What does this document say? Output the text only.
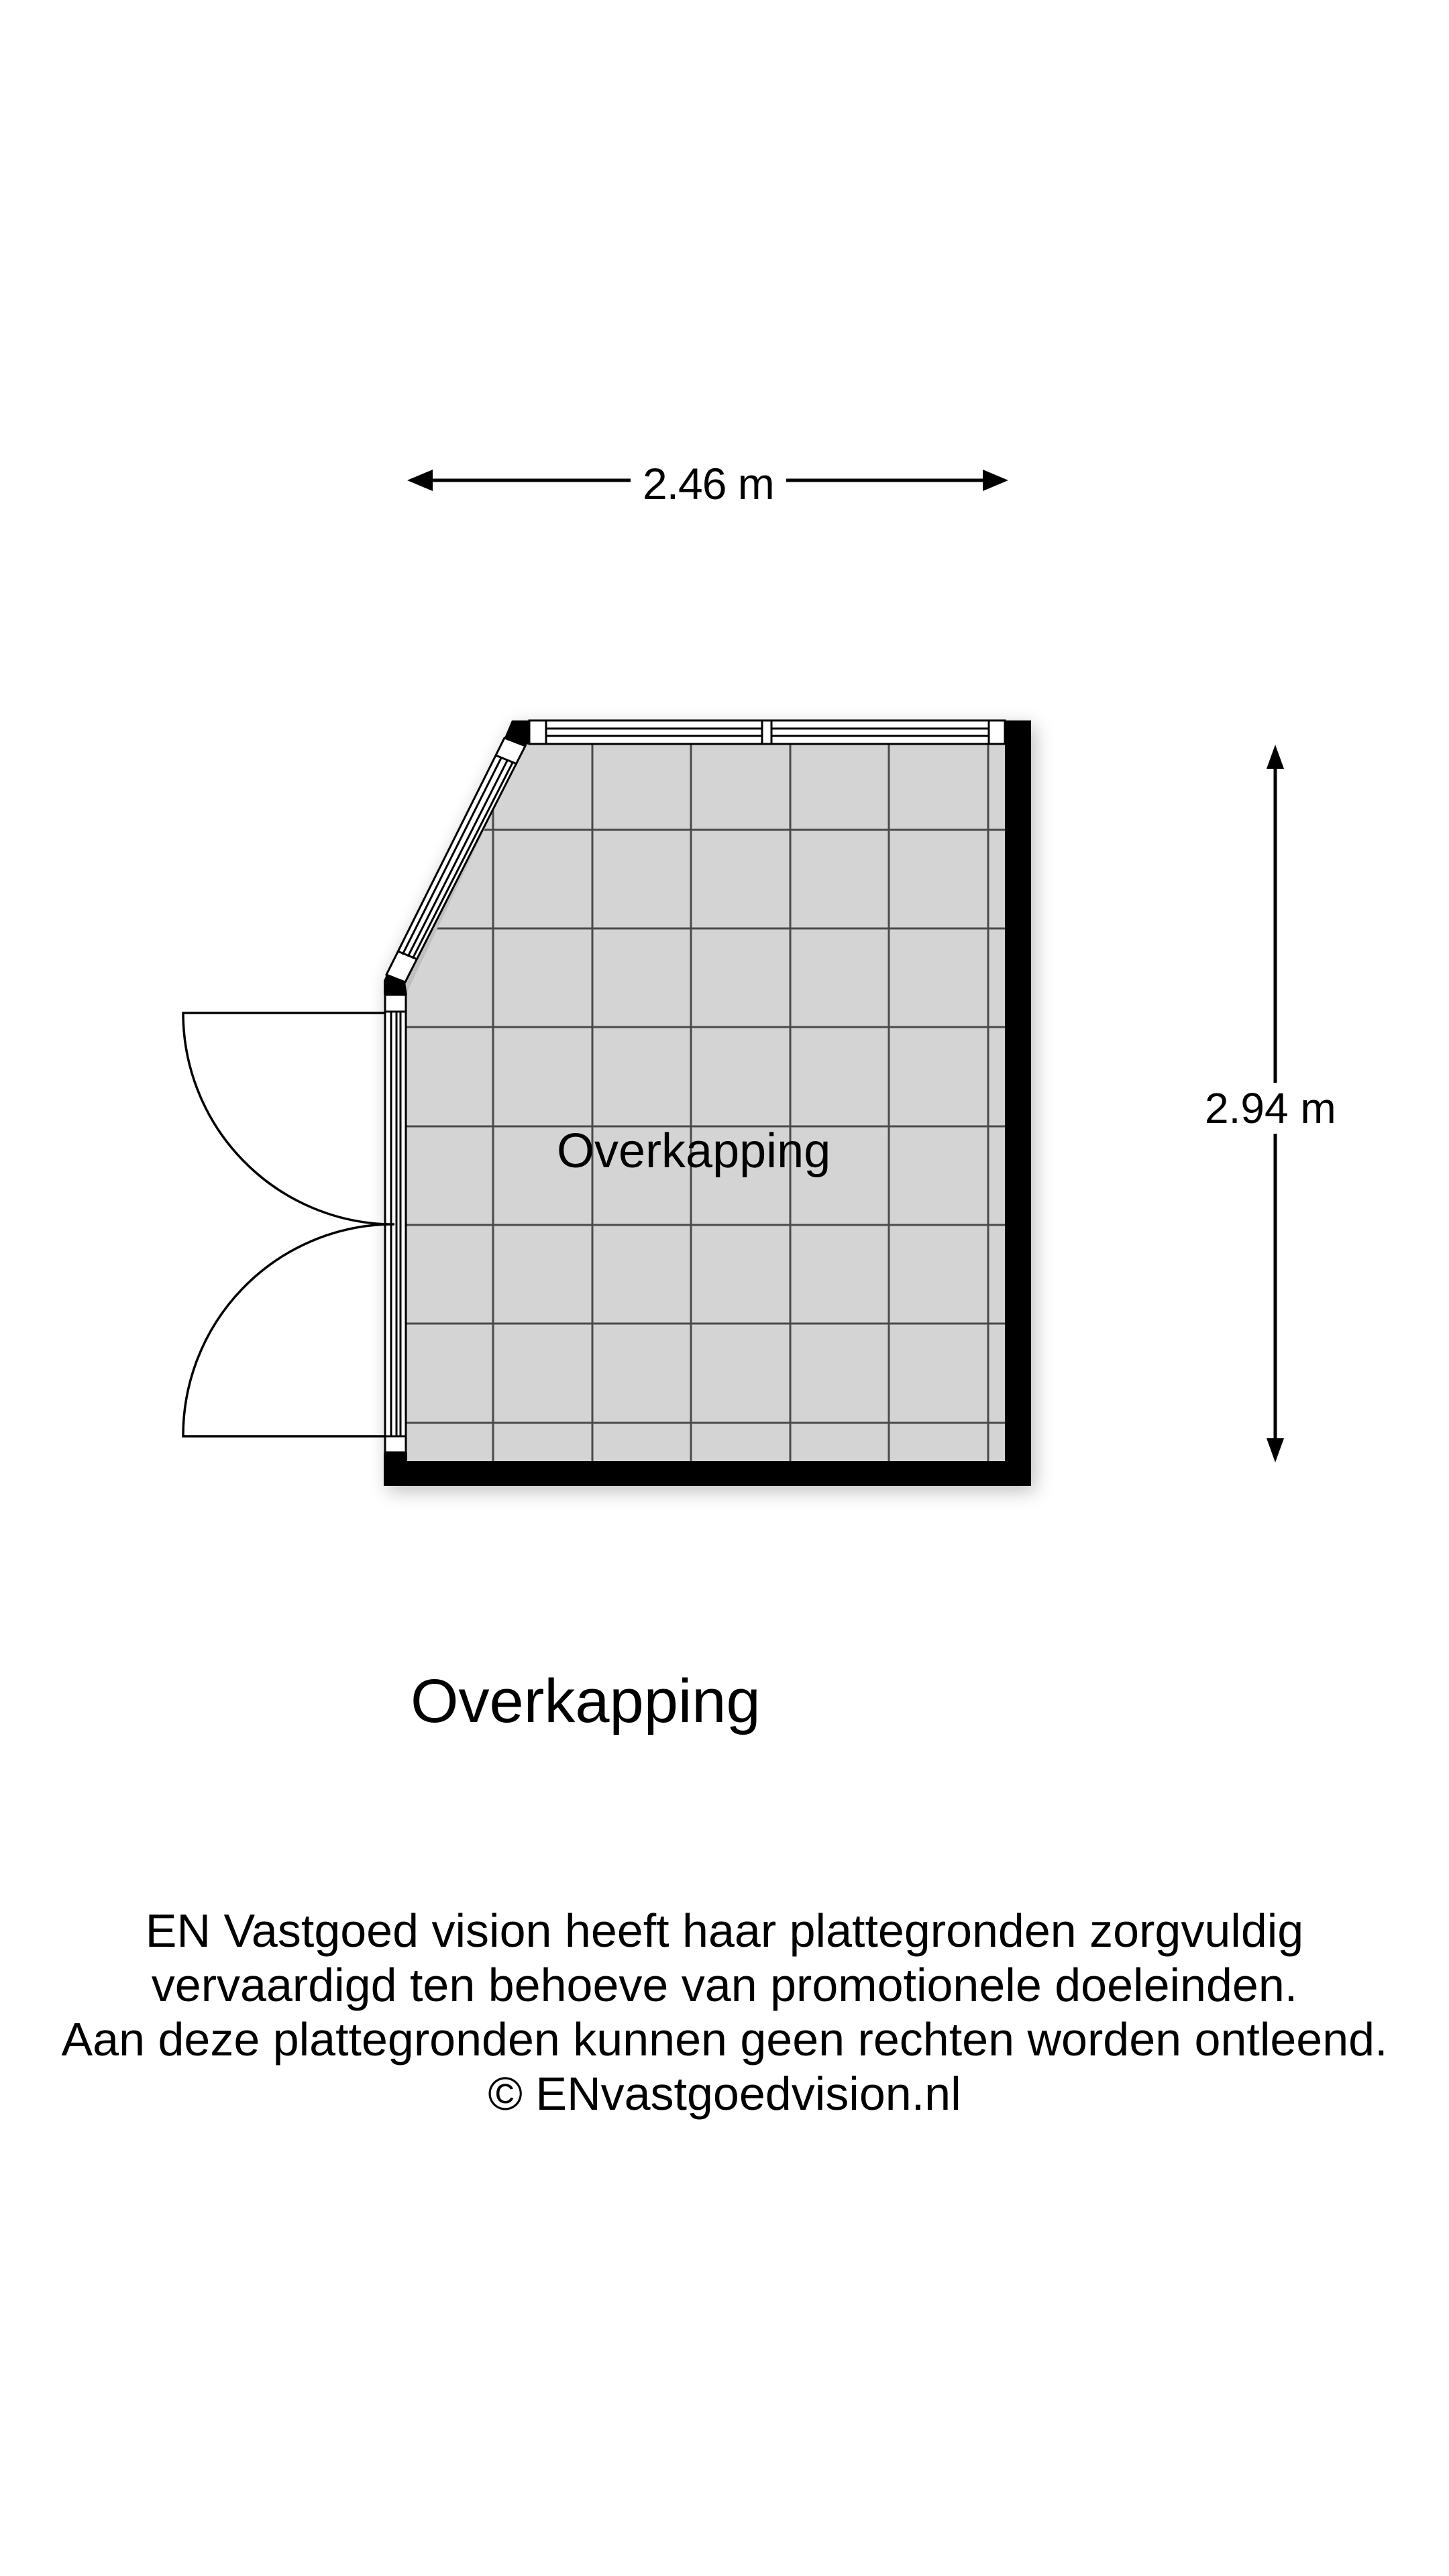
2.46 m
2.94 m
Overkapping
Overkapping
EN Vastgoed vision heeft haar plattegronden zorgvuldig
vervaardigd ten behoeve van promotionele doeleinden.
Aan deze plattegronden kunnen geen rechten worden ontleend.
© ENvastgoedvision.nl
